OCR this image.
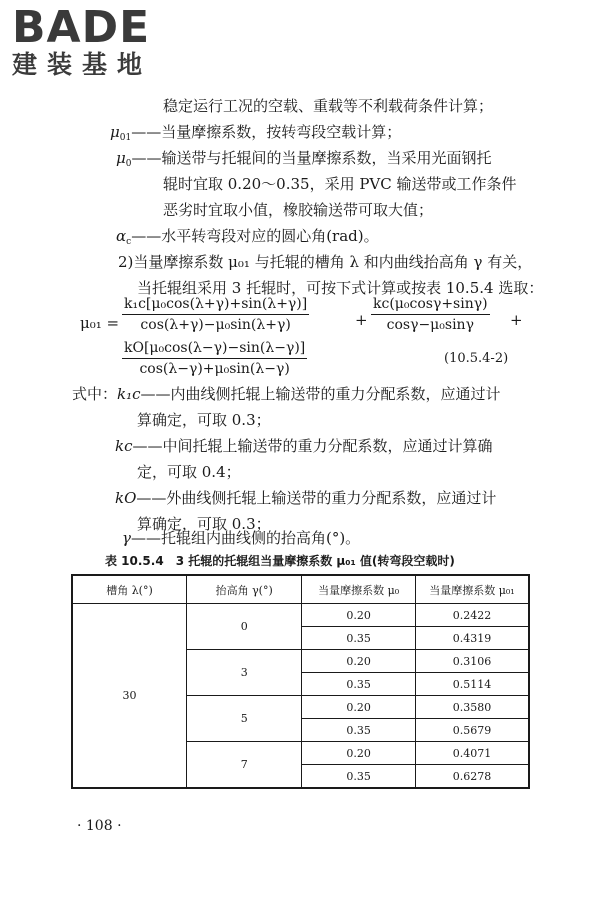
BADE
建装基地
稳定运行工况的空载、重载等不利载荷条件计算；
$\mu_{01}——$当量摩擦系数，按转弯段空载计算；
$\mu_0——$输送带与托辊间的当量摩擦系数，当采用光面钢托
辊时宜取 0.20～0.35，采用 PVC 输送带或工作条件
恶劣时宜取小值，橡胶输送带可取大值；
$\alpha_c——$水平转弯段对应的圆心角(rad)。
2)当量摩擦系数 μ₀₁ 与托辊的槽角 λ 和内曲线抬高角 γ 有关，
当托辊组采用 3 托辊时，可按下式计算或按表 10.5.4 选取：
$\mu_{01} = \frac{\text{k₁c[μ₀cos(λ+γ)+sin(λ+γ)]}}{\text{cos(λ+γ)−μ₀sin(λ+γ)}}$	+ $\frac{\text{kc(μ₀cosγ+sinγ)}}{\text{cosγ−μ₀sinγ}}$ +
$\frac{\text{kO[μ₀cos(λ−γ)−sin(λ−γ)]}}{\text{cos(λ−γ)+μ₀sin(λ−γ)}}$	(10.5.4-2)
式中：k₁c——内曲线侧托辊上输送带的重力分配系数，应通过计
算确定，可取 0.3；
kc——中间托辊上输送带的重力分配系数，应通过计算确
定，可取 0.4；
kO——外曲线侧托辊上输送带的重力分配系数，应通过计
算确定，可取 0.3；
γ——托辊组内曲线侧的抬高角(°)。
表 10.5.4　3 托辊的托辊组当量摩擦系数 μ₀₁ 值(转弯段空载时)
槽角 λ(°)	抬高角 γ(°)	当量摩擦系数 μ₀	当量摩擦系数 μ₀₁
30	0	0.20	0.2422
		0.35	0.4319
	3	0.20	0.3106
		0.35	0.5114
	5	0.20	0.3580
		0.35	0.5679
	7	0.20	0.4071
		0.35	0.6278
· 108 ·
